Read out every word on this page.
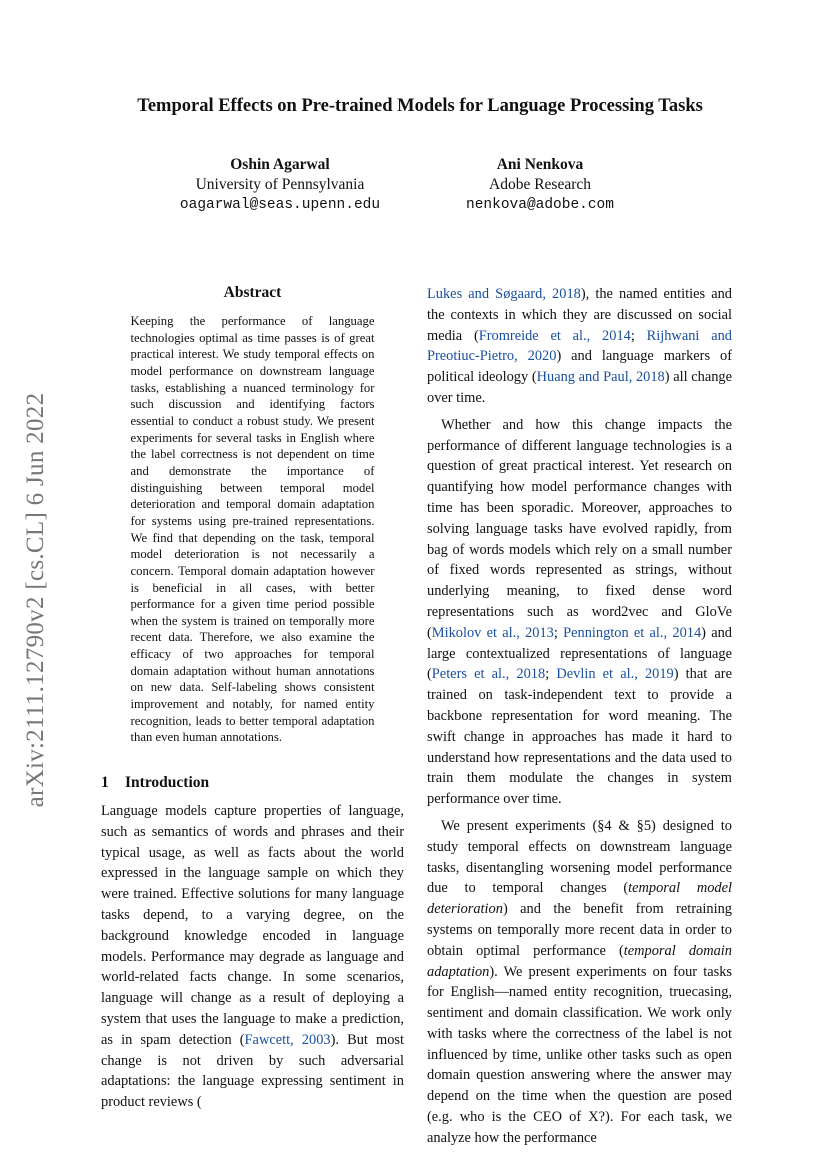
arXiv:2111.12790v2 [cs.CL] 6 Jun 2022
Temporal Effects on Pre-trained Models for Language Processing Tasks
Oshin Agarwal
University of Pennsylvania
oagarwal@seas.upenn.edu
Ani Nenkova
Adobe Research
nenkova@adobe.com
Abstract
Keeping the performance of language technologies optimal as time passes is of great practical interest. We study temporal effects on model performance on downstream language tasks, establishing a nuanced terminology for such discussion and identifying factors essential to conduct a robust study. We present experiments for several tasks in English where the label correctness is not dependent on time and demonstrate the importance of distinguishing between temporal model deterioration and temporal domain adaptation for systems using pre-trained representations. We find that depending on the task, temporal model deterioration is not necessarily a concern. Temporal domain adaptation however is beneficial in all cases, with better performance for a given time period possible when the system is trained on temporally more recent data. Therefore, we also examine the efficacy of two approaches for temporal domain adaptation without human annotations on new data. Self-labeling shows consistent improvement and notably, for named entity recognition, leads to better temporal adaptation than even human annotations.
1 Introduction

Language models capture properties of language, such as semantics of words and phrases and their typical usage, as well as facts about the world expressed in the language sample on which they were trained. Effective solutions for many language tasks depend, to a varying degree, on the background knowledge encoded in language models. Performance may degrade as language and world-related facts change. In some scenarios, language will change as a result of deploying a system that uses the language to make a prediction, as in spam detection (Fawcett, 2003). But most change is not driven by such adversarial adaptations: the language expressing sentiment in product reviews (

Lukes and Søgaard, 2018), the named entities and the contexts in which they are discussed on social media (Fromreide et al., 2014; Rijhwani and Preotiuc-Pietro, 2020) and language markers of political ideology (Huang and Paul, 2018) all change over time.

Whether and how this change impacts the performance of different language technologies is a question of great practical interest. Yet research on quantifying how model performance changes with time has been sporadic. Moreover, approaches to solving language tasks have evolved rapidly, from bag of words models which rely on a small number of fixed words represented as strings, without underlying meaning, to fixed dense word representations such as word2vec and GloVe (Mikolov et al., 2013; Pennington et al., 2014) and large contextualized representations of language (Peters et al., 2018; Devlin et al., 2019) that are trained on task-independent text to provide a backbone representation for word meaning. The swift change in approaches has made it hard to understand how representations and the data used to train them modulate the changes in system performance over time.

We present experiments (§4 & §5) designed to study temporal effects on downstream language tasks, disentangling worsening model performance due to temporal changes (temporal model deterioration) and the benefit from retraining systems on temporally more recent data in order to obtain optimal performance (temporal domain adaptation). We present experiments on four tasks for English—named entity recognition, truecasing, sentiment and domain classification. We work only with tasks where the correctness of the label is not influenced by time, unlike other tasks such as open domain question answering where the answer may depend on the time when the question are posed (e.g. who is the CEO of X?). For each task, we analyze how the performance
